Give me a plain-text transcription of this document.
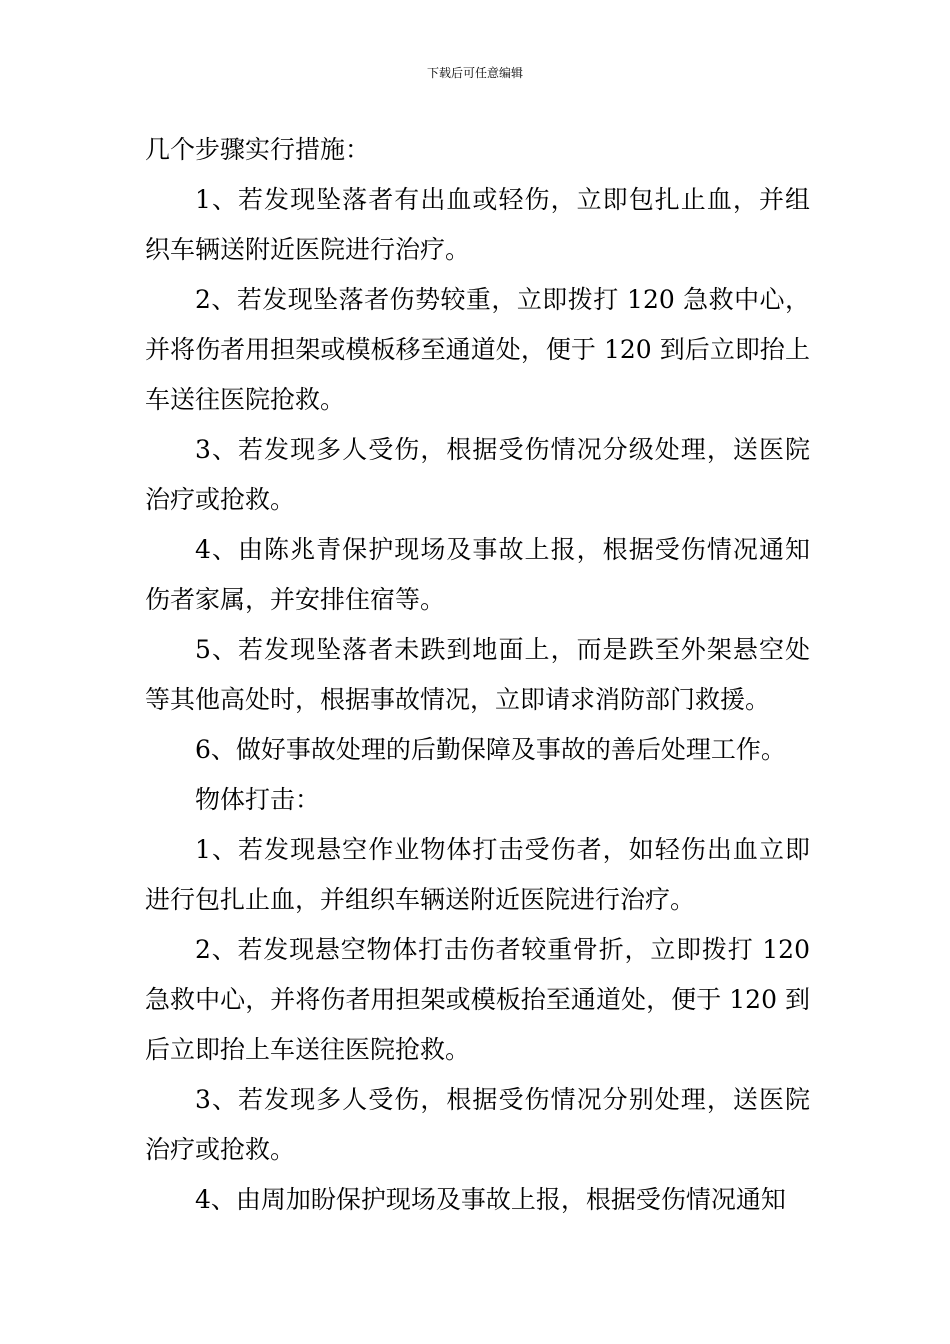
下载后可任意编辑

几个步骤实行措施：

1、若发现坠落者有出血或轻伤，立即包扎止血，并组织车辆送附近医院进行治疗。

2、若发现坠落者伤势较重，立即拨打 120 急救中心，并将伤者用担架或模板移至通道处，便于 120 到后立即抬上车送往医院抢救。

3、若发现多人受伤，根据受伤情况分级处理，送医院治疗或抢救。

4、由陈兆青保护现场及事故上报，根据受伤情况通知伤者家属，并安排住宿等。

5、若发现坠落者未跌到地面上，而是跌至外架悬空处等其他高处时，根据事故情况，立即请求消防部门救援。

6、做好事故处理的后勤保障及事故的善后处理工作。

物体打击：

1、若发现悬空作业物体打击受伤者，如轻伤出血立即进行包扎止血，并组织车辆送附近医院进行治疗。

2、若发现悬空物体打击伤者较重骨折，立即拨打 120 急救中心，并将伤者用担架或模板抬至通道处，便于 120 到后立即抬上车送往医院抢救。

3、若发现多人受伤，根据受伤情况分别处理，送医院治疗或抢救。

4、由周加盼保护现场及事故上报，根据受伤情况通知
